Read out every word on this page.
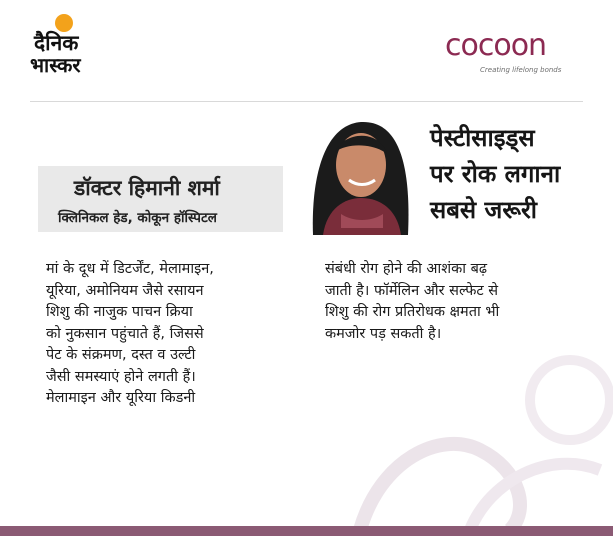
दैनिक
भास्कर
cocoon
Creating lifelong bonds
डॉक्टर हिमानी शर्मा
क्लिनिकल हेड, कोकून हॉस्पिटल
पेस्टीसाइड्स
पर रोक लगाना
सबसे जरूरी
मां के दूध में डिटर्जेंट, मेलामाइन,
यूरिया, अमोनियम जैसे रसायन
शिशु की नाजुक पाचन क्रिया
को नुकसान पहुंचाते हैं, जिससे
पेट के संक्रमण, दस्त व उल्टी
जैसी समस्याएं होने लगती हैं।
मेलामाइन और यूरिया किडनी
संबंधी रोग होने की आशंका बढ़
जाती है। फॉर्मेलिन और सल्फेट से
शिशु की रोग प्रतिरोधक क्षमता भी
कमजोर पड़ सकती है।
